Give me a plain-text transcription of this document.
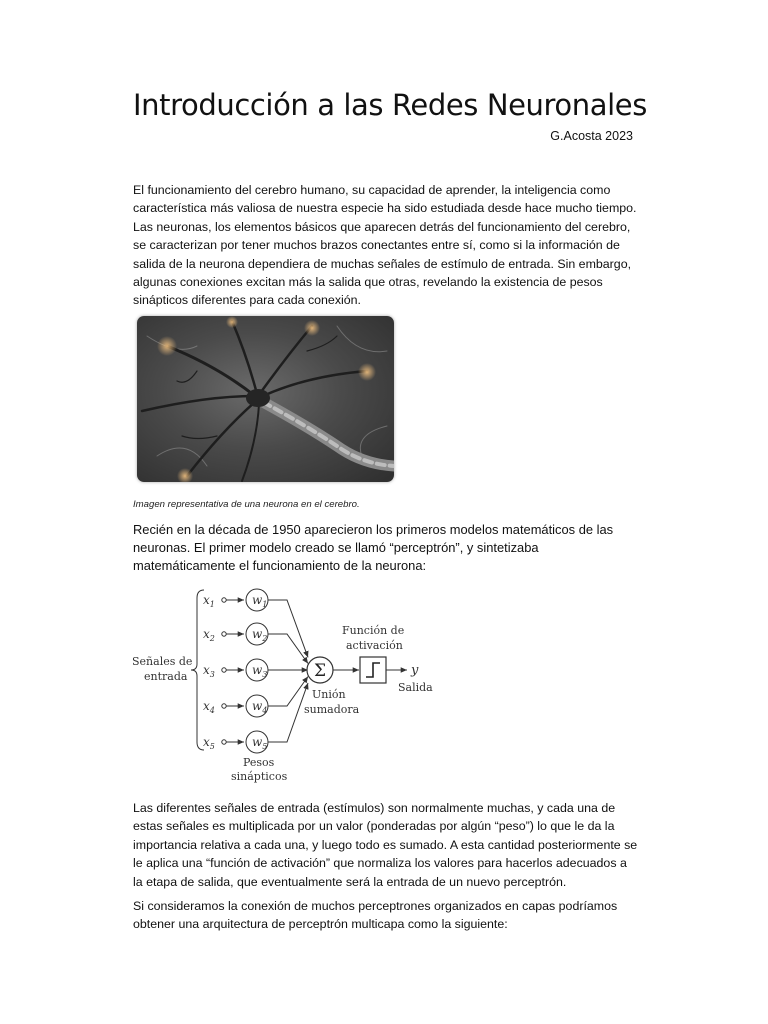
Introducción a las Redes Neuronales
G.Acosta 2023

El funcionamiento del cerebro humano, su capacidad de aprender, la inteligencia como característica más valiosa de nuestra especie ha sido estudiada desde hace mucho tiempo. Las neuronas, los elementos básicos que aparecen detrás del funcionamiento del cerebro, se caracterizan por tener muchos brazos conectantes entre sí, como si la información de salida de la neurona dependiera de muchas señales de estímulo de entrada. Sin embargo, algunas conexiones excitan más la salida que otras, revelando la existencia de pesos sinápticos diferentes para cada conexión.

Imagen representativa de una neurona en el cerebro.

Recién en la década de 1950 aparecieron los primeros modelos matemáticos de las neuronas. El primer modelo creado se llamó “perceptrón”, y sintetizaba matemáticamente el funcionamiento de la neurona:

Señales de
entrada
$x_1$	$w_1$
$x_2$	$w_2$
$x_3$	$w_3$
$x_4$	$w_4$
$x_5$	$w_5$
Σ
Función de
activación
y
Salida
Unión
sumadora
Pesos
sinápticos

Las diferentes señales de entrada (estímulos) son normalmente muchas, y cada una de estas señales es multiplicada por un valor (ponderadas por algún “peso”) lo que le da la importancia relativa a cada una, y luego todo es sumado. A esta cantidad posteriormente se le aplica una “función de activación” que normaliza los valores para hacerlos adecuados a la etapa de salida, que eventualmente será la entrada de un nuevo perceptrón.

Si consideramos la conexión de muchos perceptrones organizados en capas podríamos obtener una arquitectura de perceptrón multicapa como la siguiente:
